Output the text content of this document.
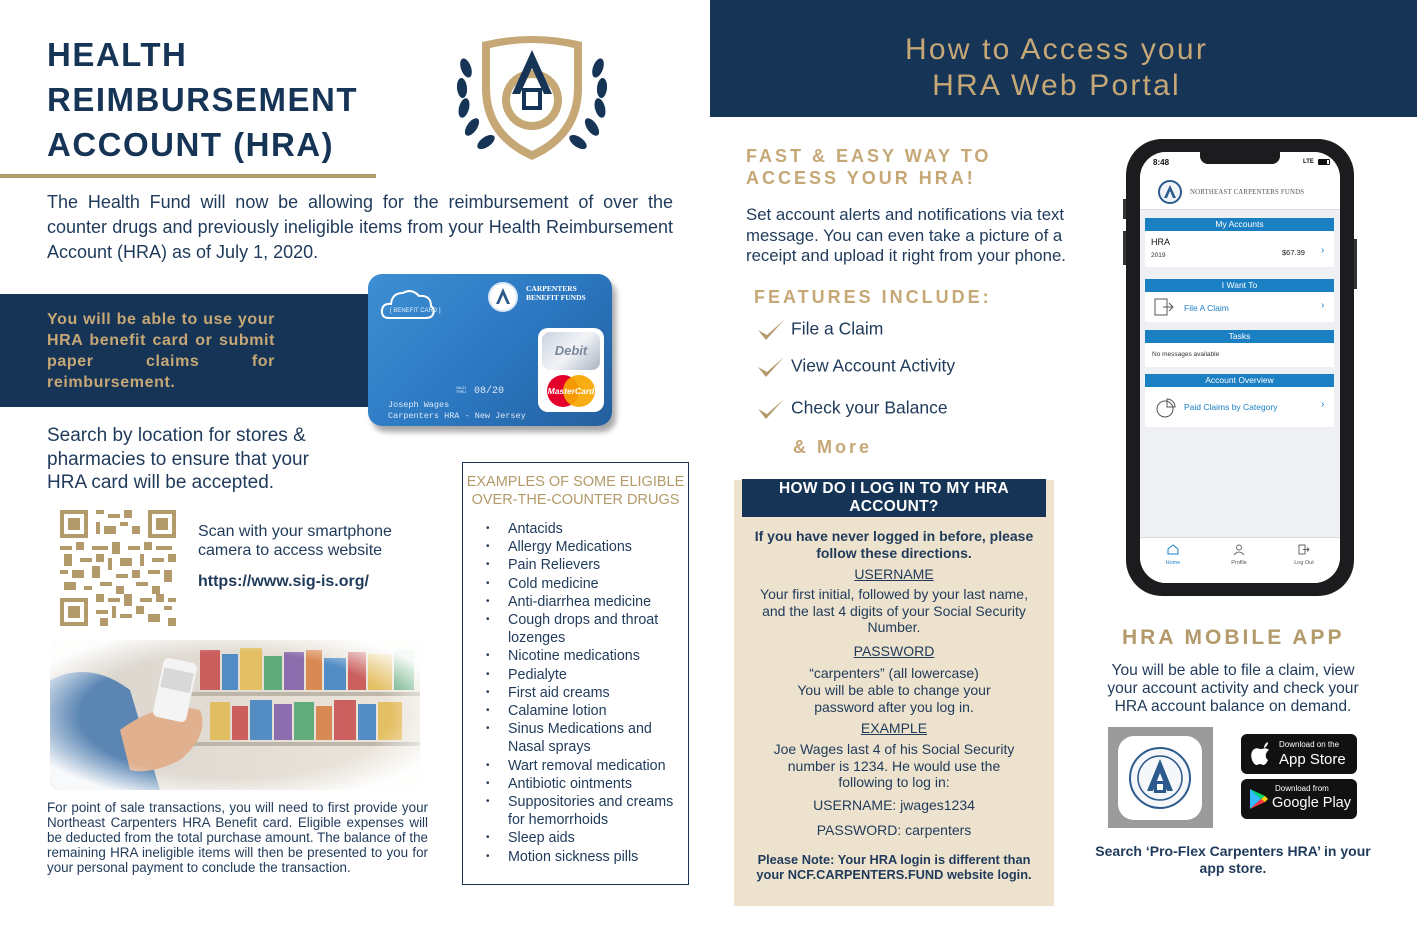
HEALTH REIMBURSEMENT ACCOUNT (HRA)
The Health Fund will now be allowing for the reimbursement of over the counter drugs and previously ineligible items from your Health Reimbursement Account (HRA) as of July 1, 2020.
You will be able to use your HRA benefit card or submit paper claims for reimbursement.
[ BENEFIT CARD ]
CARPENTERS BENEFIT FUNDS
Debit
MasterCard
VALID THRU 08/20
Joseph Wages
Carpenters HRA - New Jersey
Search by location for stores & pharmacies to ensure that your HRA card will be accepted.
Scan with your smartphone camera to access website
https://www.sig-is.org/
For point of sale transactions, you will need to first provide your Northeast Carpenters HRA Benefit card. Eligible expenses will be deducted from the total purchase amount. The balance of the remaining HRA ineligible items will then be presented to you for your personal payment to conclude the transaction.
EXAMPLES OF SOME ELIGIBLE OVER-THE-COUNTER DRUGS
• Antacids
• Allergy Medications
• Pain Relievers
• Cold medicine
• Anti-diarrhea medicine
• Cough drops and throat lozenges
• Nicotine medications
• Pedialyte
• First aid creams
• Calamine lotion
• Sinus Medications and Nasal sprays
• Wart removal medication
• Antibiotic ointments
• Suppositories and creams for hemorrhoids
• Sleep aids
• Motion sickness pills
How to Access your
HRA Web Portal
FAST & EASY WAY TO ACCESS YOUR HRA!
Set account alerts and notifications via text message. You can even take a picture of a receipt and upload it right from your phone.
FEATURES INCLUDE:
File a Claim
View Account Activity
Check your Balance
& More
HOW DO I LOG IN TO MY HRA ACCOUNT?
If you have never logged in before, please follow these directions.
USERNAME
Your first initial, followed by your last name, and the last 4 digits of your Social Security Number.
PASSWORD
“carpenters” (all lowercase)
You will be able to change your password after you log in.
EXAMPLE
Joe Wages last 4 of his Social Security number is 1234. He would use the following to log in:
USERNAME: jwages1234
PASSWORD: carpenters
Please Note: Your HRA login is different than your NCF.CARPENTERS.FUND website login.
8:48	LTE
NORTHEAST CARPENTERS FUNDS
My Accounts
HRA
2019	$67.39 ›
I Want To
File A Claim	›
Tasks
No messages available
Account Overview
Paid Claims by Category	›
Home	Profile	Log Out
HRA MOBILE APP
You will be able to file a claim, view your account activity and check your HRA account balance on demand.
Download on the
App Store
Download from
Google Play
Search ‘Pro-Flex Carpenters HRA’ in your app store.
